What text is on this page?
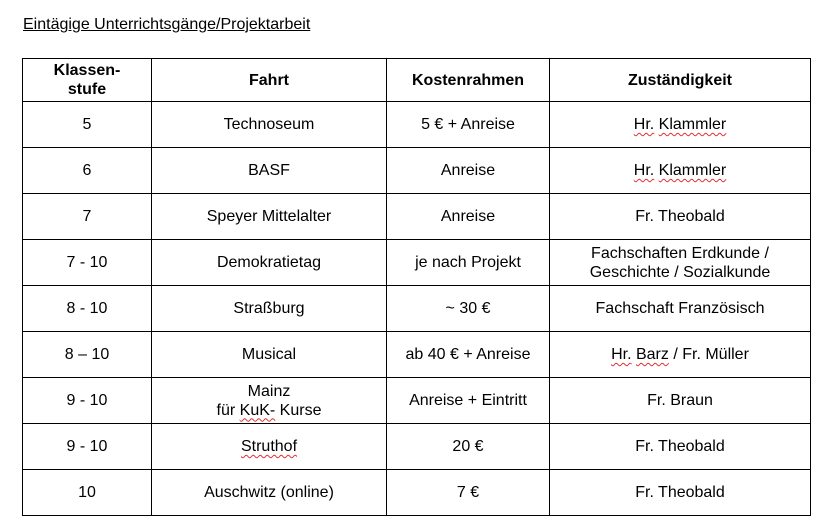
Eintägige Unterrichtsgänge/Projektarbeit
Klassen-
stufe	Fahrt	Kostenrahmen	Zuständigkeit
5	Technoseum	5 € + Anreise	Hr. Klammler
6	BASF	Anreise	Hr. Klammler
7	Speyer Mittelalter	Anreise	Fr. Theobald
7 - 10	Demokratietag	je nach Projekt	Fachschaften Erdkunde /
Geschichte / Sozialkunde
8 - 10	Straßburg	~ 30 €	Fachschaft Französisch
8 – 10	Musical	ab 40 € + Anreise	Hr. Barz / Fr. Müller
9 - 10	Mainz
für KuK- Kurse	Anreise + Eintritt	Fr. Braun
9 - 10	Struthof	20 €	Fr. Theobald
10	Auschwitz (online)	7 €	Fr. Theobald
